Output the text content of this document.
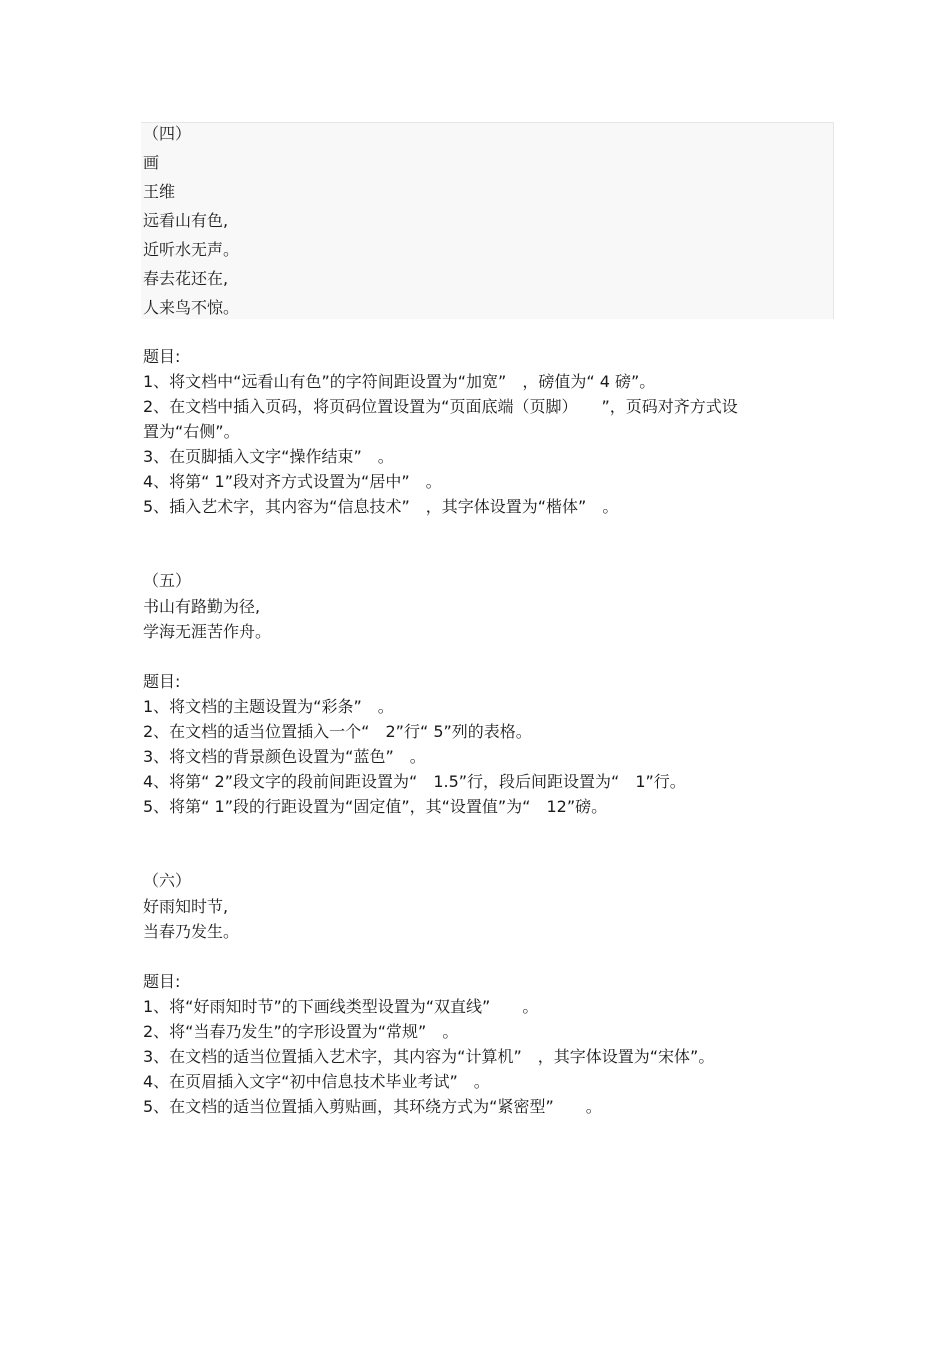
（四）
画
王维
远看山有色,
近听水无声。
春去花还在,
人来鸟不惊。
题目:
1、将文档中“远看山有色”的字符间距设置为“加宽”　，磅值为“ 4 磅”。
2、在文档中插入页码，将页码位置设置为“页面底端（页脚）　　”，页码对齐方式设
置为“右侧”。
3、在页脚插入文字“操作结束”　。
4、将第“ 1”段对齐方式设置为“居中”　。
5、插入艺术字，其内容为“信息技术”　，其字体设置为“楷体”　。
（五）
书山有路勤为径,
学海无涯苦作舟。
题目:
1、将文档的主题设置为“彩条”　。
2、在文档的适当位置插入一个“　2”行“ 5”列的表格。
3、将文档的背景颜色设置为“蓝色”　。
4、将第“ 2”段文字的段前间距设置为“　1.5”行，段后间距设置为“　1”行。
5、将第“ 1”段的行距设置为“固定值”，其“设置值”为“　12”磅。
（六）
好雨知时节,
当春乃发生。
题目:
1、将“好雨知时节”的下画线类型设置为“双直线”　　。
2、将“当春乃发生”的字形设置为“常规”　。
3、在文档的适当位置插入艺术字，其内容为“计算机”　，其字体设置为“宋体”。
4、在页眉插入文字“初中信息技术毕业考试”　。
5、在文档的适当位置插入剪贴画，其环绕方式为“紧密型”　　。
